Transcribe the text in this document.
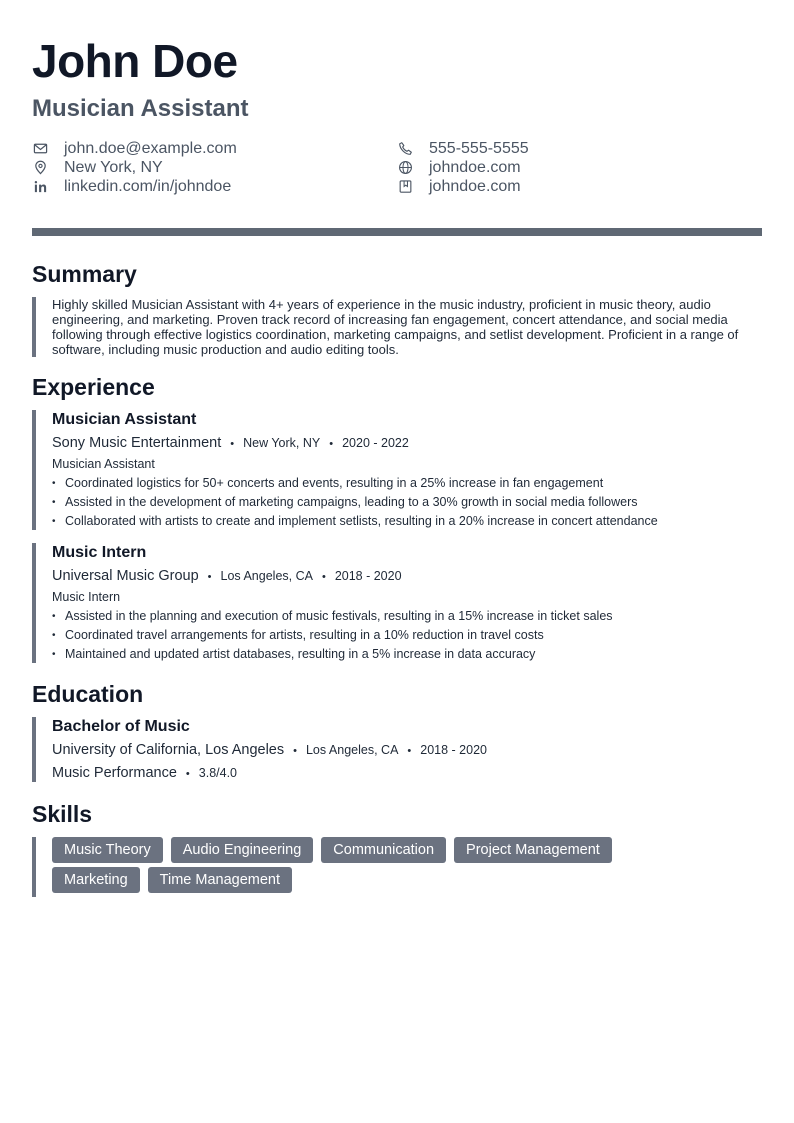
John Doe
Musician Assistant
john.doe@example.com	555-555-5555
New York, NY	johndoe.com
linkedin.com/in/johndoe	johndoe.com
Summary

Highly skilled Musician Assistant with 4+ years of experience in the music industry, proficient in music theory, audio engineering, and marketing. Proven track record of increasing fan engagement, concert attendance, and social media following through effective logistics coordination, marketing campaigns, and setlist development. Proficient in a range of software, including music production and audio editing tools.

Experience

Musician Assistant

Sony Music Entertainment • New York, NY • 2020 - 2022
Musician Assistant
• Coordinated logistics for 50+ concerts and events, resulting in a 25% increase in fan engagement
• Assisted in the development of marketing campaigns, leading to a 30% growth in social media followers
• Collaborated with artists to create and implement setlists, resulting in a 20% increase in concert attendance

Music Intern

Universal Music Group • Los Angeles, CA • 2018 - 2020
Music Intern
• Assisted in the planning and execution of music festivals, resulting in a 15% increase in ticket sales
• Coordinated travel arrangements for artists, resulting in a 10% reduction in travel costs
• Maintained and updated artist databases, resulting in a 5% increase in data accuracy
Education

Bachelor of Music

University of California, Los Angeles • Los Angeles, CA • 2018 - 2020
Music Performance • 3.8/4.0
Skills
Music Theory	Audio Engineering	Communication	Project Management
Marketing	Time Management
